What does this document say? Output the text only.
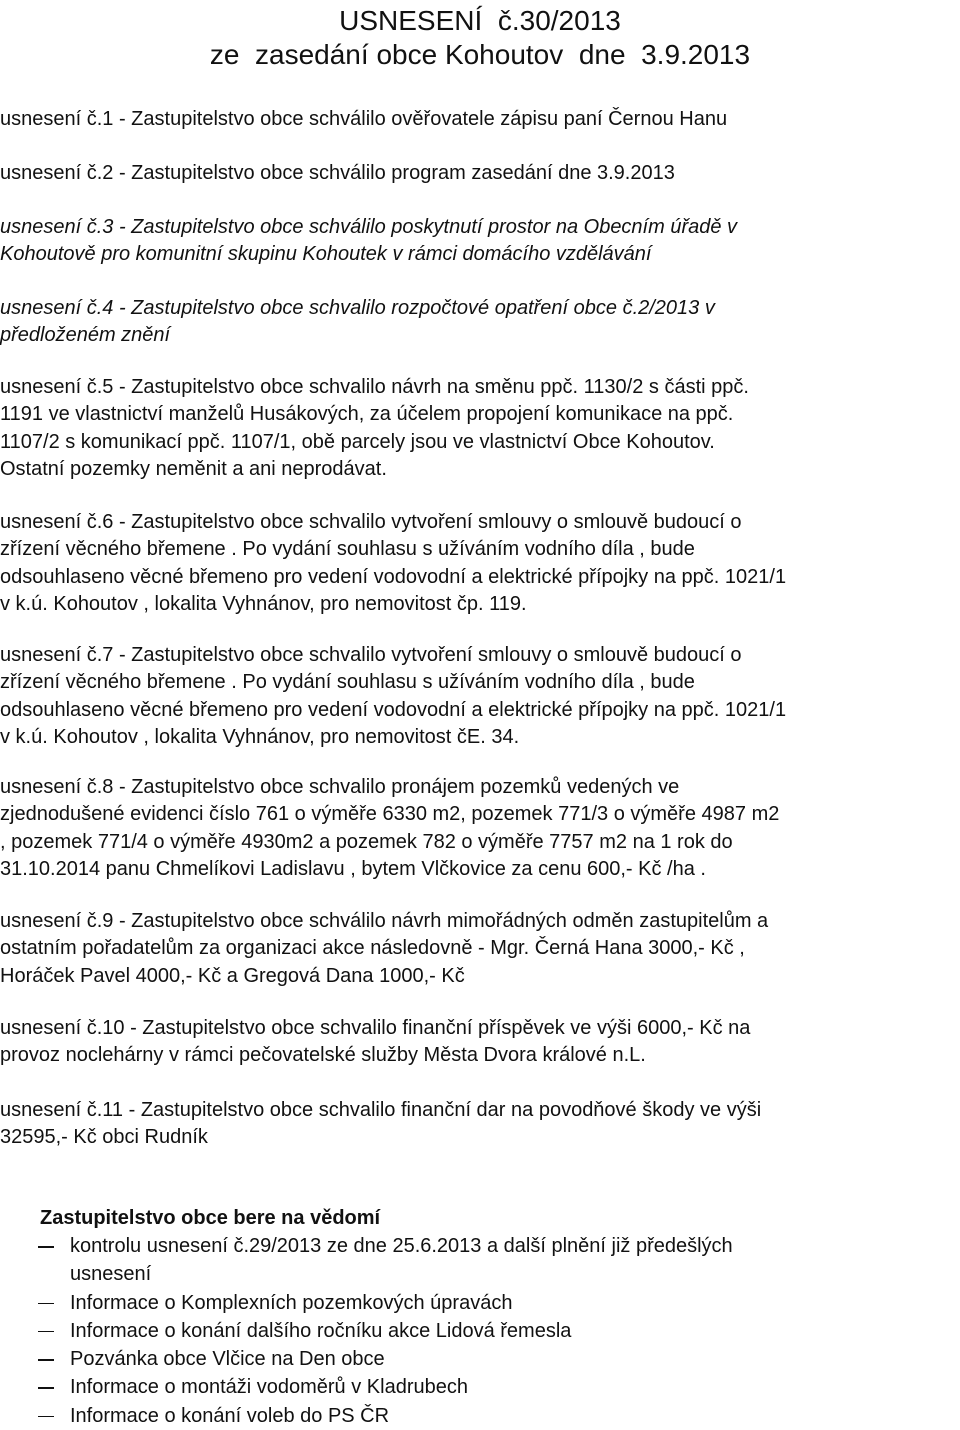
USNESENÍ  č.30/2013
ze  zasedání obce Kohoutov  dne  3.9.2013
usnesení č.1 - Zastupitelstvo obce schválilo ověřovatele zápisu paní Černou Hanu
usnesení č.2 - Zastupitelstvo obce schválilo program zasedání dne 3.9.2013
usnesení č.3 - Zastupitelstvo obce schválilo poskytnutí prostor na Obecním úřadě v
Kohoutově pro komunitní skupinu Kohoutek v rámci domácího vzdělávání
usnesení č.4 - Zastupitelstvo obce schvalilo rozpočtové opatření obce č.2/2013 v
předloženém znění
usnesení č.5 - Zastupitelstvo obce schvalilo návrh na směnu ppč. 1130/2 s části ppč.
1191 ve vlastnictví manželů Husákových, za účelem propojení komunikace na ppč.
1107/2 s komunikací ppč. 1107/1, obě parcely jsou ve vlastnictví Obce Kohoutov.
Ostatní pozemky neměnit a ani neprodávat.
usnesení č.6 - Zastupitelstvo obce schvalilo vytvoření smlouvy o smlouvě budoucí o
zřízení věcného břemene . Po vydání souhlasu s užíváním vodního díla , bude
odsouhlaseno věcné břemeno pro vedení vodovodní a elektrické přípojky na ppč. 1021/1
v k.ú. Kohoutov , lokalita Vyhnánov, pro nemovitost čp. 119.
usnesení č.7 - Zastupitelstvo obce schvalilo vytvoření smlouvy o smlouvě budoucí o
zřízení věcného břemene . Po vydání souhlasu s užíváním vodního díla , bude
odsouhlaseno věcné břemeno pro vedení vodovodní a elektrické přípojky na ppč. 1021/1
v k.ú. Kohoutov , lokalita Vyhnánov, pro nemovitost čE. 34.
usnesení č.8 - Zastupitelstvo obce schvalilo pronájem pozemků vedených ve
zjednodušené evidenci číslo 761 o výměře 6330 m2, pozemek 771/3 o výměře 4987 m2
, pozemek 771/4 o výměře 4930m2 a pozemek 782 o výměře 7757 m2 na 1 rok do
31.10.2014 panu Chmelíkovi Ladislavu , bytem Vlčkovice za cenu 600,- Kč /ha .
usnesení č.9 - Zastupitelstvo obce schválilo návrh mimořádných odměn zastupitelům a
ostatním pořadatelům za organizaci akce následovně - Mgr. Černá Hana 3000,- Kč ,
Horáček Pavel 4000,- Kč a Gregová Dana 1000,- Kč
usnesení č.10 - Zastupitelstvo obce schvalilo finanční příspěvek ve výši 6000,- Kč na
provoz noclehárny v rámci pečovatelské služby Města Dvora králové n.L.
usnesení č.11 - Zastupitelstvo obce schvalilo finanční dar na povodňové škody ve výši
32595,- Kč obci Rudník
Zastupitelstvo obce bere na vědomí
kontrolu usnesení č.29/2013 ze dne 25.6.2013 a další plnění již předešlých
usnesení
Informace o Komplexních pozemkových úpravách
Informace o konání dalšího ročníku akce Lidová řemesla
Pozvánka obce Vlčice na Den obce
Informace o montáži vodoměrů v Kladrubech
Informace o konání voleb do PS ČR
